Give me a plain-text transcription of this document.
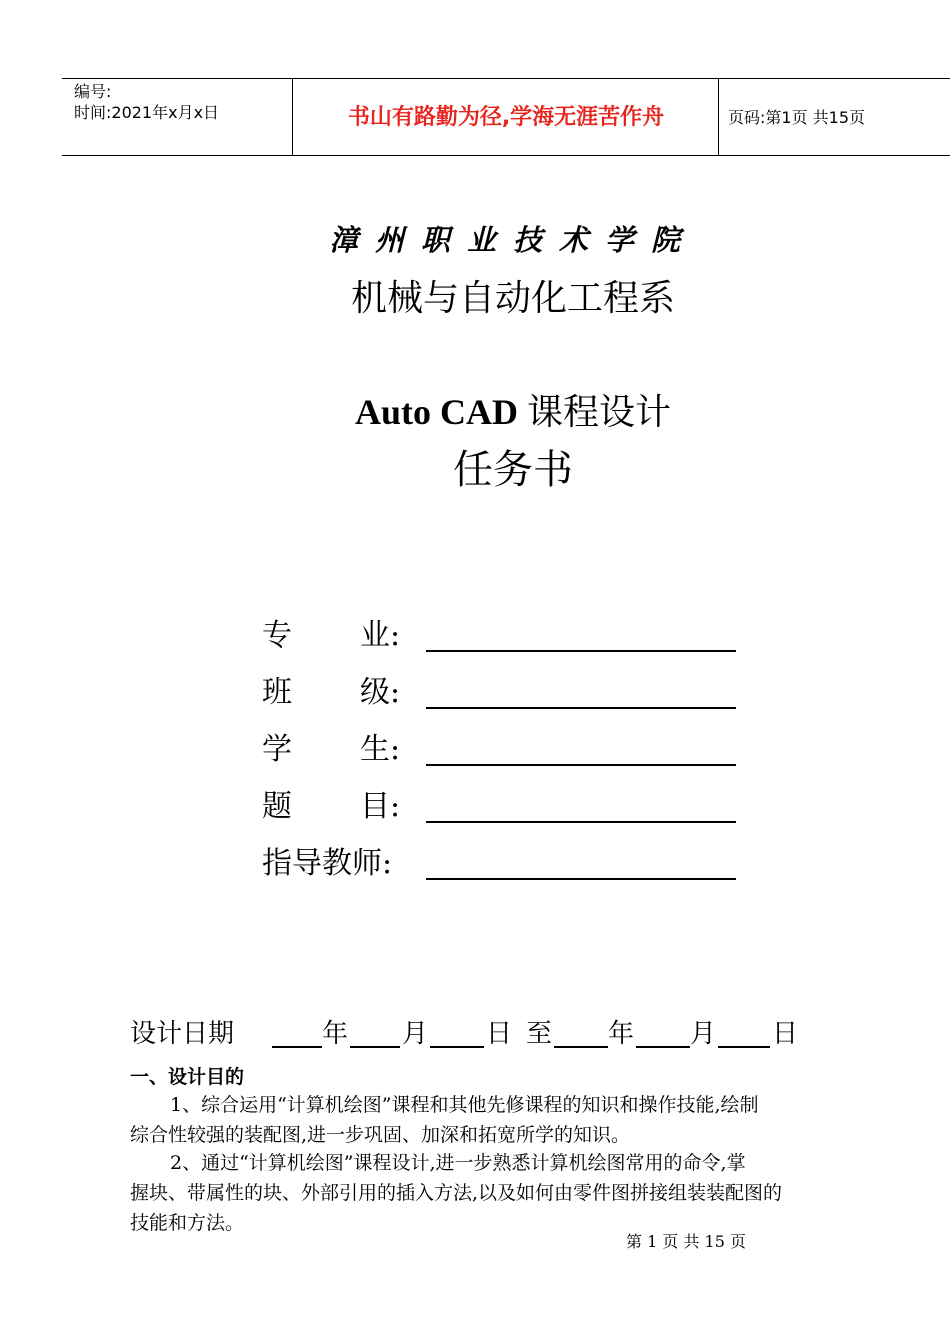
编号:
时间:2021年x月x日	书山有路勤为径,学海无涯苦作舟	页码:第1页 共15页
漳州职业技术学院
机械与自动化工程系
Auto CAD 课程设计
任务书
专 业:
班 级:
学 生:
题 目:
指导教师:
设计日期	年 月 日 至 年 月 日
一、设计目的
1、综合运用“计算机绘图”课程和其他先修课程的知识和操作技能,绘制
综合性较强的装配图,进一步巩固、加深和拓宽所学的知识。
2、通过“计算机绘图”课程设计,进一步熟悉计算机绘图常用的命令,掌
握块、带属性的块、外部引用的插入方法,以及如何由零件图拼接组装装配图的
技能和方法。
第 1 页 共 15 页
